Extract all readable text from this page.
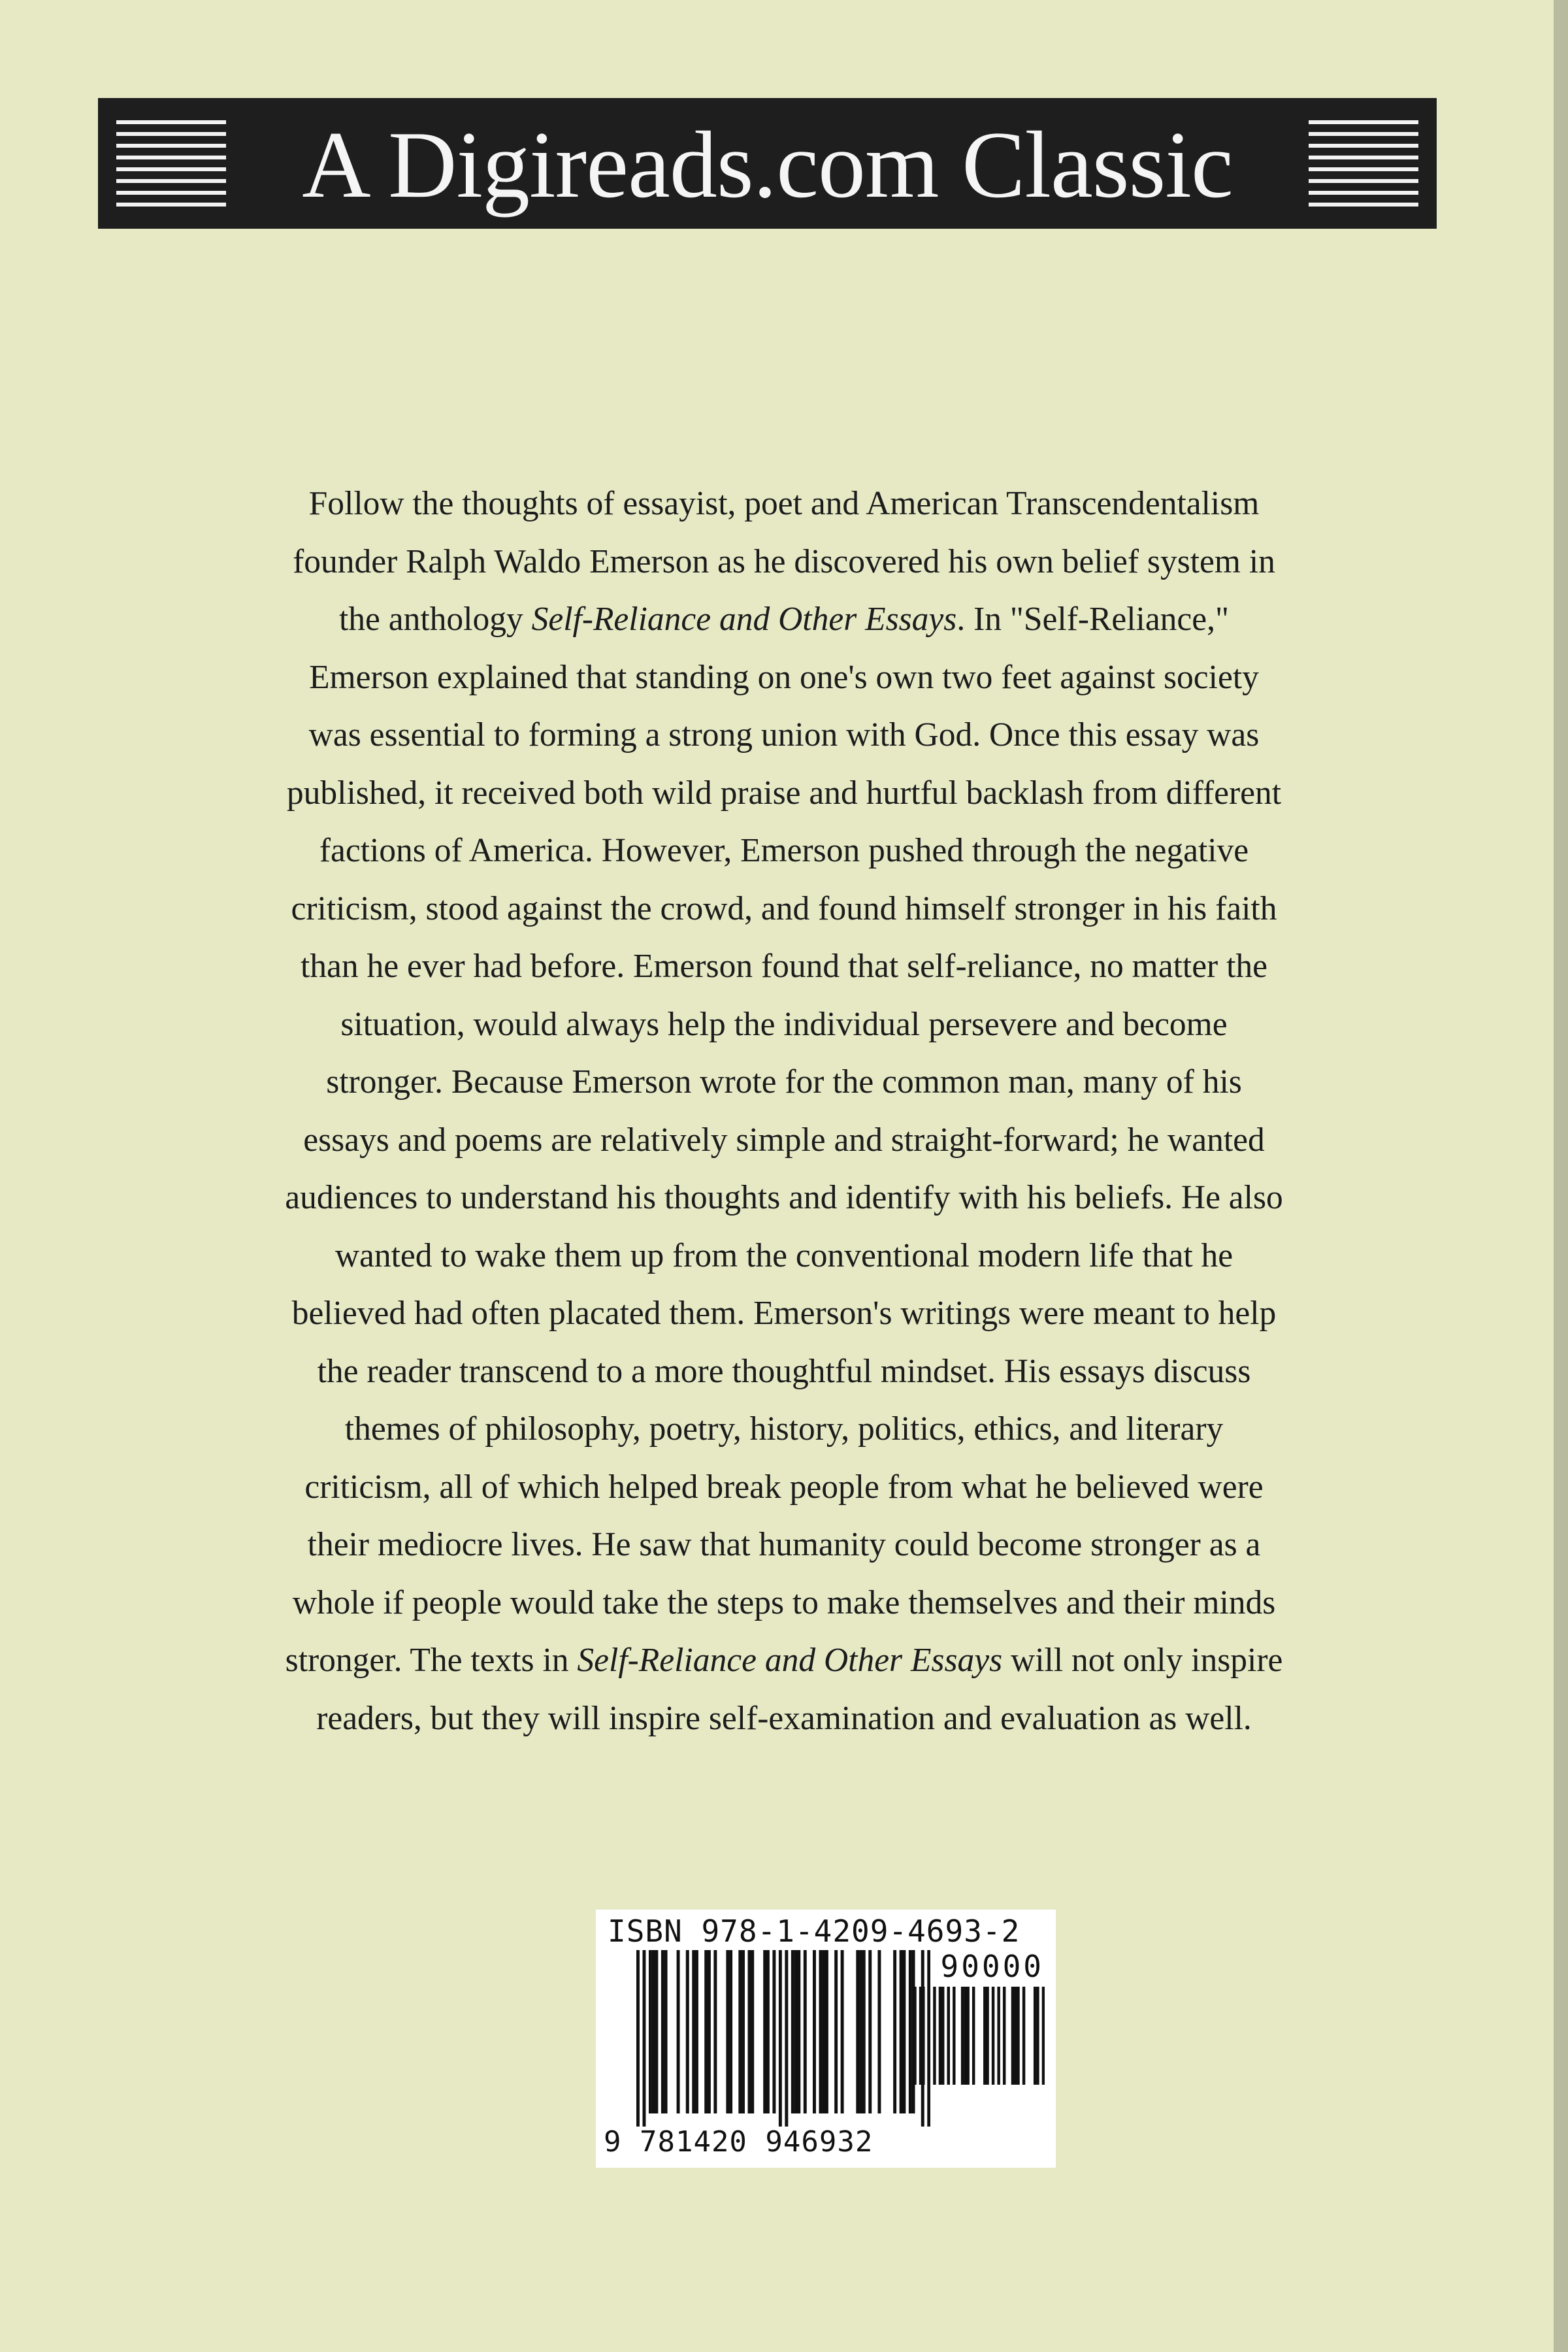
A Digireads.com Classic
Follow the thoughts of essayist, poet and American Transcendentalism
founder Ralph Waldo Emerson as he discovered his own belief system in
the anthology Self-Reliance and Other Essays. In "Self-Reliance,"
Emerson explained that standing on one's own two feet against society
was essential to forming a strong union with God. Once this essay was
published, it received both wild praise and hurtful backlash from different
factions of America. However, Emerson pushed through the negative
criticism, stood against the crowd, and found himself stronger in his faith
than he ever had before. Emerson found that self-reliance, no matter the
situation, would always help the individual persevere and become
stronger. Because Emerson wrote for the common man, many of his
essays and poems are relatively simple and straight-forward; he wanted
audiences to understand his thoughts and identify with his beliefs. He also
wanted to wake them up from the conventional modern life that he
believed had often placated them. Emerson's writings were meant to help
the reader transcend to a more thoughtful mindset. His essays discuss
themes of philosophy, poetry, history, politics, ethics, and literary
criticism, all of which helped break people from what he believed were
their mediocre lives. He saw that humanity could become stronger as a
whole if people would take the steps to make themselves and their minds
stronger. The texts in Self-Reliance and Other Essays will not only inspire
readers, but they will inspire self-examination and evaluation as well.
ISBN 978-1-4209-4693-2
90000
9 781420 946932
